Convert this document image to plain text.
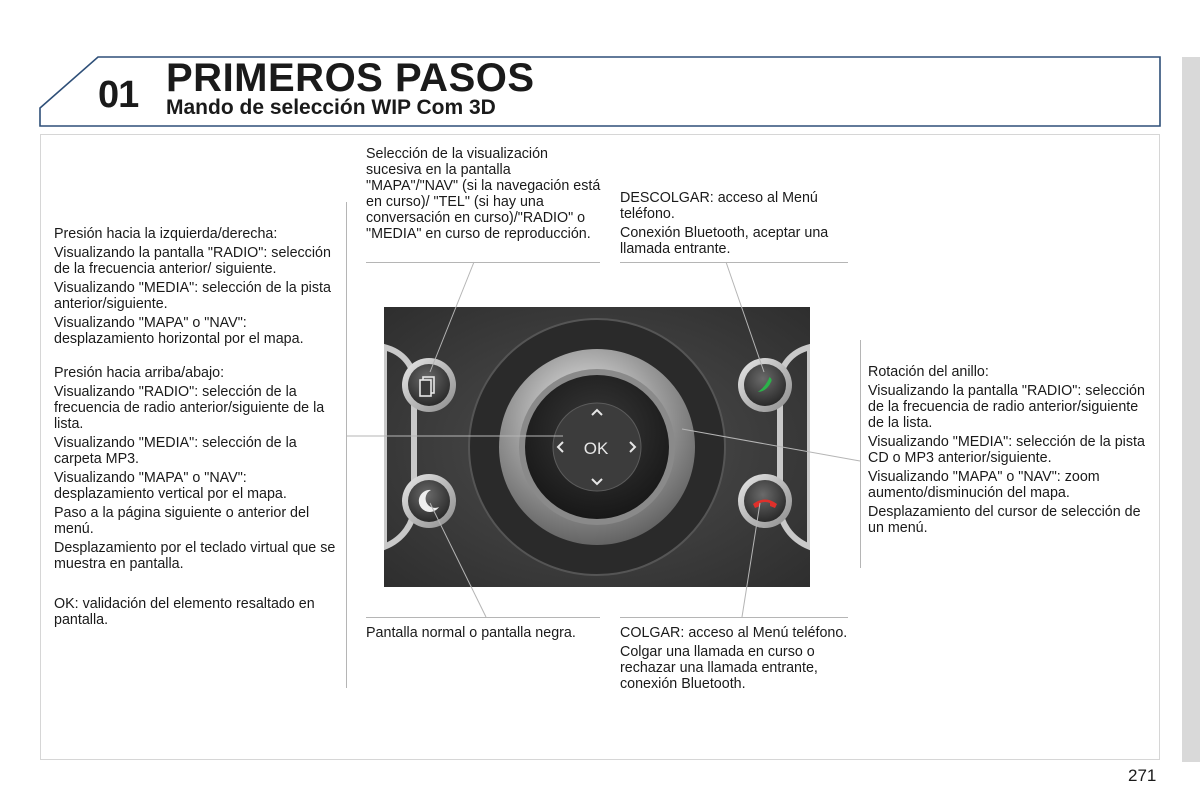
01 PRIMEROS PASOS
Mando de selección WIP Com 3D

Presión hacia la izquierda/derecha:

Visualizando la pantalla "RADIO": selección de la frecuencia anterior/ siguiente.

Visualizando "MEDIA": selección de la pista anterior/siguiente.

Visualizando "MAPA" o "NAV": desplazamiento horizontal por el mapa.

Presión hacia arriba/abajo:

Visualizando "RADIO": selección de la frecuencia de radio anterior/siguiente de la lista.

Visualizando "MEDIA": selección de la carpeta MP3.

Visualizando "MAPA" o "NAV": desplazamiento vertical por el mapa.

Paso a la página siguiente o anterior del menú.

Desplazamiento por el teclado virtual que se muestra en pantalla.

OK: validación del elemento resaltado en pantalla.

Selección de la visualización sucesiva en la pantalla "MAPA"/"NAV" (si la navegación está en curso)/ "TEL" (si hay una conversación en curso)/"RADIO" o "MEDIA" en curso de reproducción.

DESCOLGAR: acceso al Menú teléfono.

Conexión Bluetooth, aceptar una llamada entrante.

Rotación del anillo:

Visualizando la pantalla "RADIO": selección de la frecuencia de radio anterior/siguiente de la lista.

Visualizando "MEDIA": selección de la pista CD o MP3 anterior/siguiente.

Visualizando "MAPA" o "NAV": zoom aumento/disminución del mapa.

Desplazamiento del cursor de selección de un menú.

Pantalla normal o pantalla negra.	COLGAR: acceso al Menú teléfono.

Colgar una llamada en curso o rechazar una llamada entrante, conexión Bluetooth.

OK
271
